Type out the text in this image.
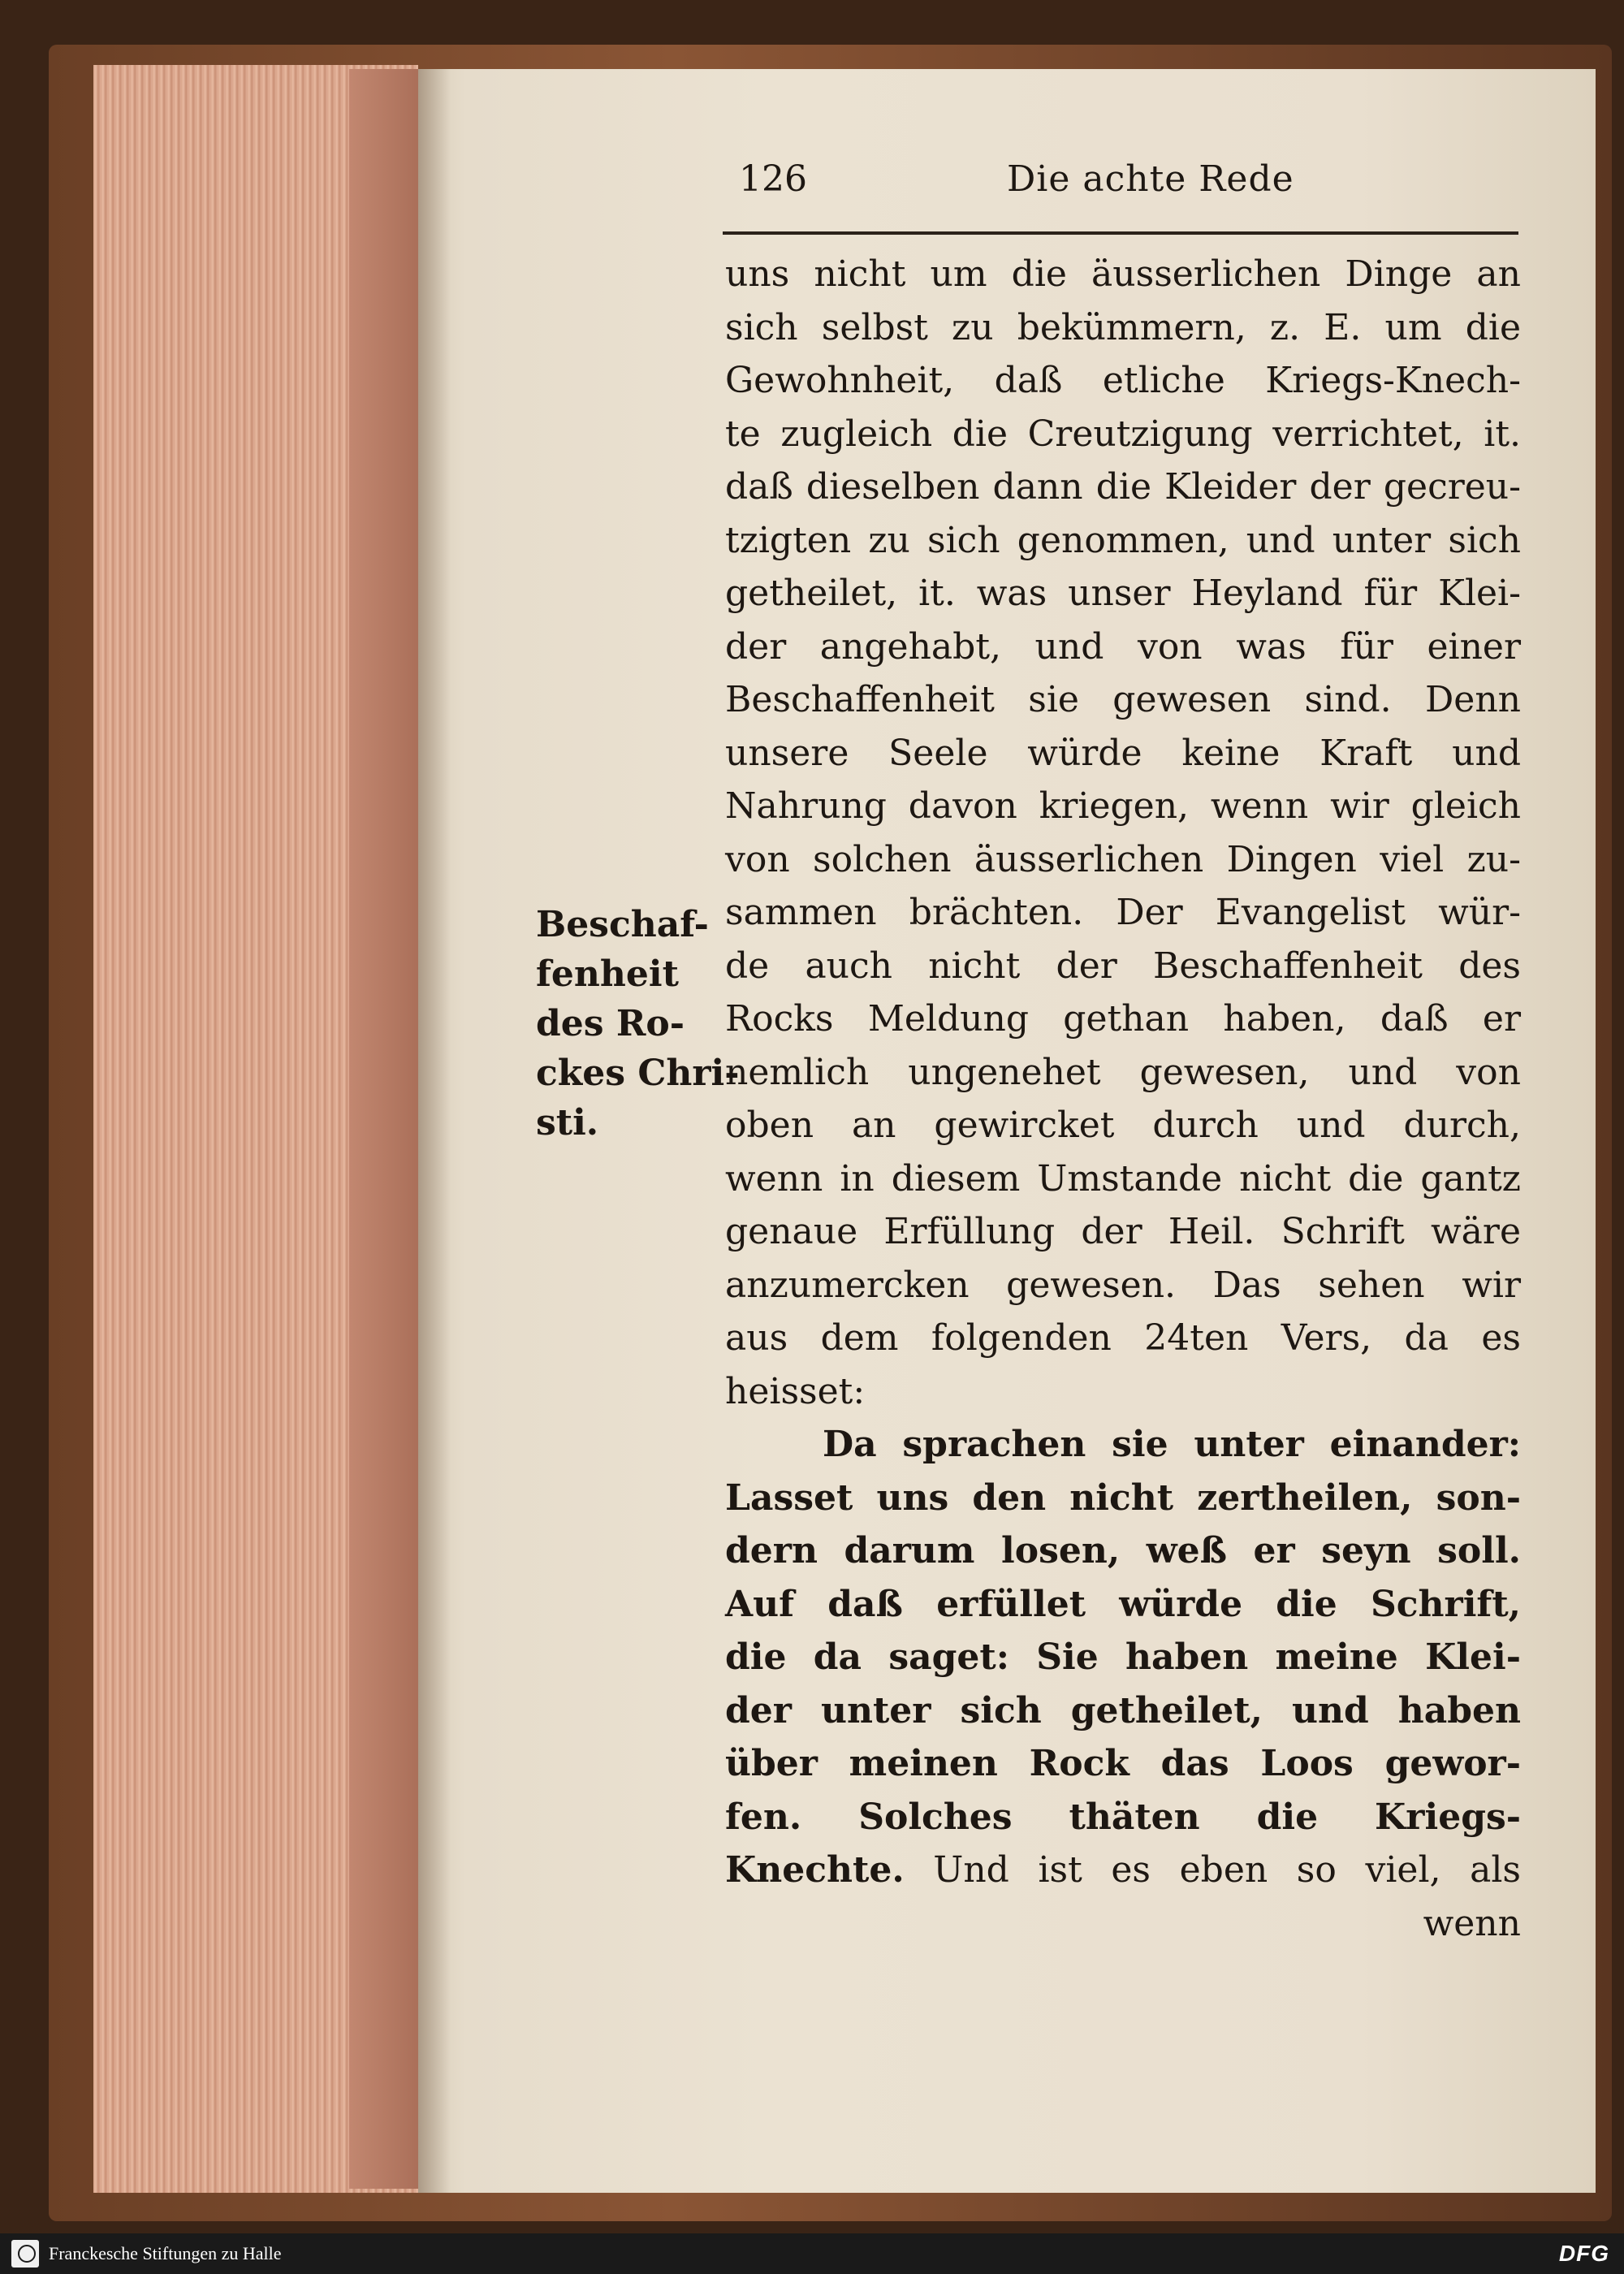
126	Die achte Rede
Beschaf-
fenheit
des Ro-
ckes Chri-
sti.
uns nicht um die äusserlichen Dinge an
sich selbst zu bekümmern, z. E. um die
Gewohnheit, daß etliche Kriegs-Knech-
te zugleich die Creutzigung verrichtet, it.
daß dieselben dann die Kleider der gecreu-
tzigten zu sich genommen, und unter sich
getheilet, it. was unser Heyland für Klei-
der angehabt, und von was für einer
Beschaffenheit sie gewesen sind. Denn
unsere Seele würde keine Kraft und
Nahrung davon kriegen, wenn wir gleich
von solchen äusserlichen Dingen viel zu-
sammen brächten. Der Evangelist wür-
de auch nicht der Beschaffenheit des
Rocks Meldung gethan haben, daß er
nemlich ungenehet gewesen, und von
oben an gewircket durch und durch,
wenn in diesem Umstande nicht die gantz
genaue Erfüllung der Heil. Schrift wäre
anzumercken gewesen. Das sehen wir
aus dem folgenden 24ten Vers, da es
heisset:
Da sprachen sie unter einander:
Lasset uns den nicht zertheilen, son-
dern darum losen, weß er seyn soll.
Auf daß erfüllet würde die Schrift,
die da saget: Sie haben meine Klei-
der unter sich getheilet, und haben
über meinen Rock das Loos gewor-
fen. Solches thäten die Kriegs-
Knechte. Und ist es eben so viel, als
wenn
Franckesche Stiftungen zu Halle	DFG
